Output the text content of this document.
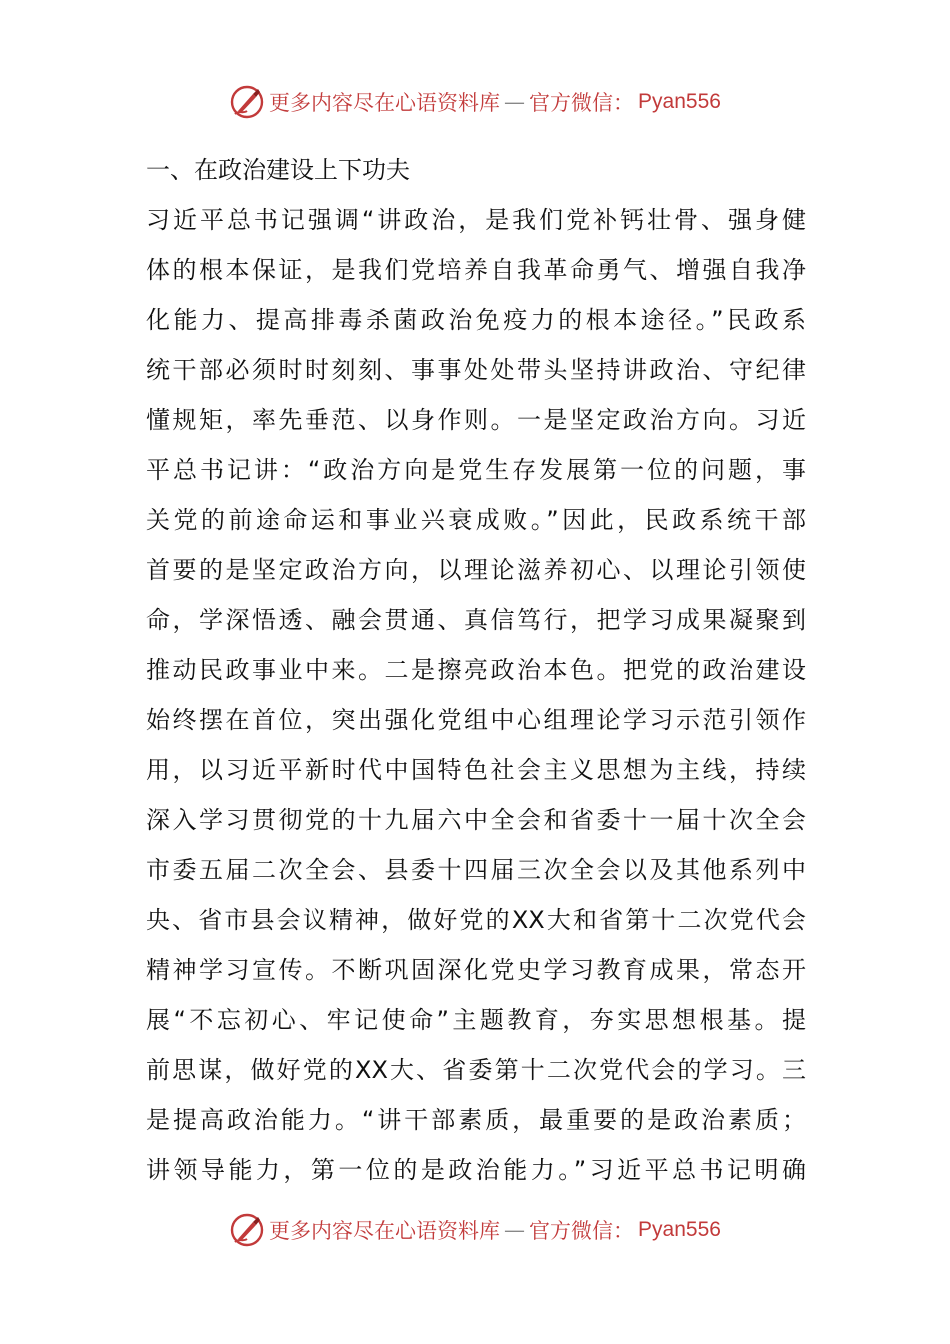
更多内容尽在心语资料库 — 官方微信： Pyan556
一、在政治建设上下功夫
习近平总书记强调“讲政治，是我们党补钙壮骨、强身健
体的根本保证，是我们党培养自我革命勇气、增强自我净
化能力、提高排毒杀菌政治免疫力的根本途径。”民政系
统干部必须时时刻刻、事事处处带头坚持讲政治、守纪律
懂规矩，率先垂范、以身作则。一是坚定政治方向。习近
平总书记讲：“政治方向是党生存发展第一位的问题，事
关党的前途命运和事业兴衰成败。”因此，民政系统干部
首要的是坚定政治方向，以理论滋养初心、以理论引领使
命，学深悟透、融会贯通、真信笃行，把学习成果凝聚到
推动民政事业中来。二是擦亮政治本色。把党的政治建设
始终摆在首位，突出强化党组中心组理论学习示范引领作
用，以习近平新时代中国特色社会主义思想为主线，持续
深入学习贯彻党的十九届六中全会和省委十一届十次全会
市委五届二次全会、县委十四届三次全会以及其他系列中
央、省市县会议精神，做好党的XX大和省第十二次党代会
精神学习宣传。不断巩固深化党史学习教育成果，常态开
展“不忘初心、牢记使命”主题教育，夯实思想根基。提
前思谋，做好党的XX大、省委第十二次党代会的学习。三
是提高政治能力。“讲干部素质，最重要的是政治素质；
讲领导能力，第一位的是政治能力。”习近平总书记明确
更多内容尽在心语资料库 — 官方微信： Pyan556
